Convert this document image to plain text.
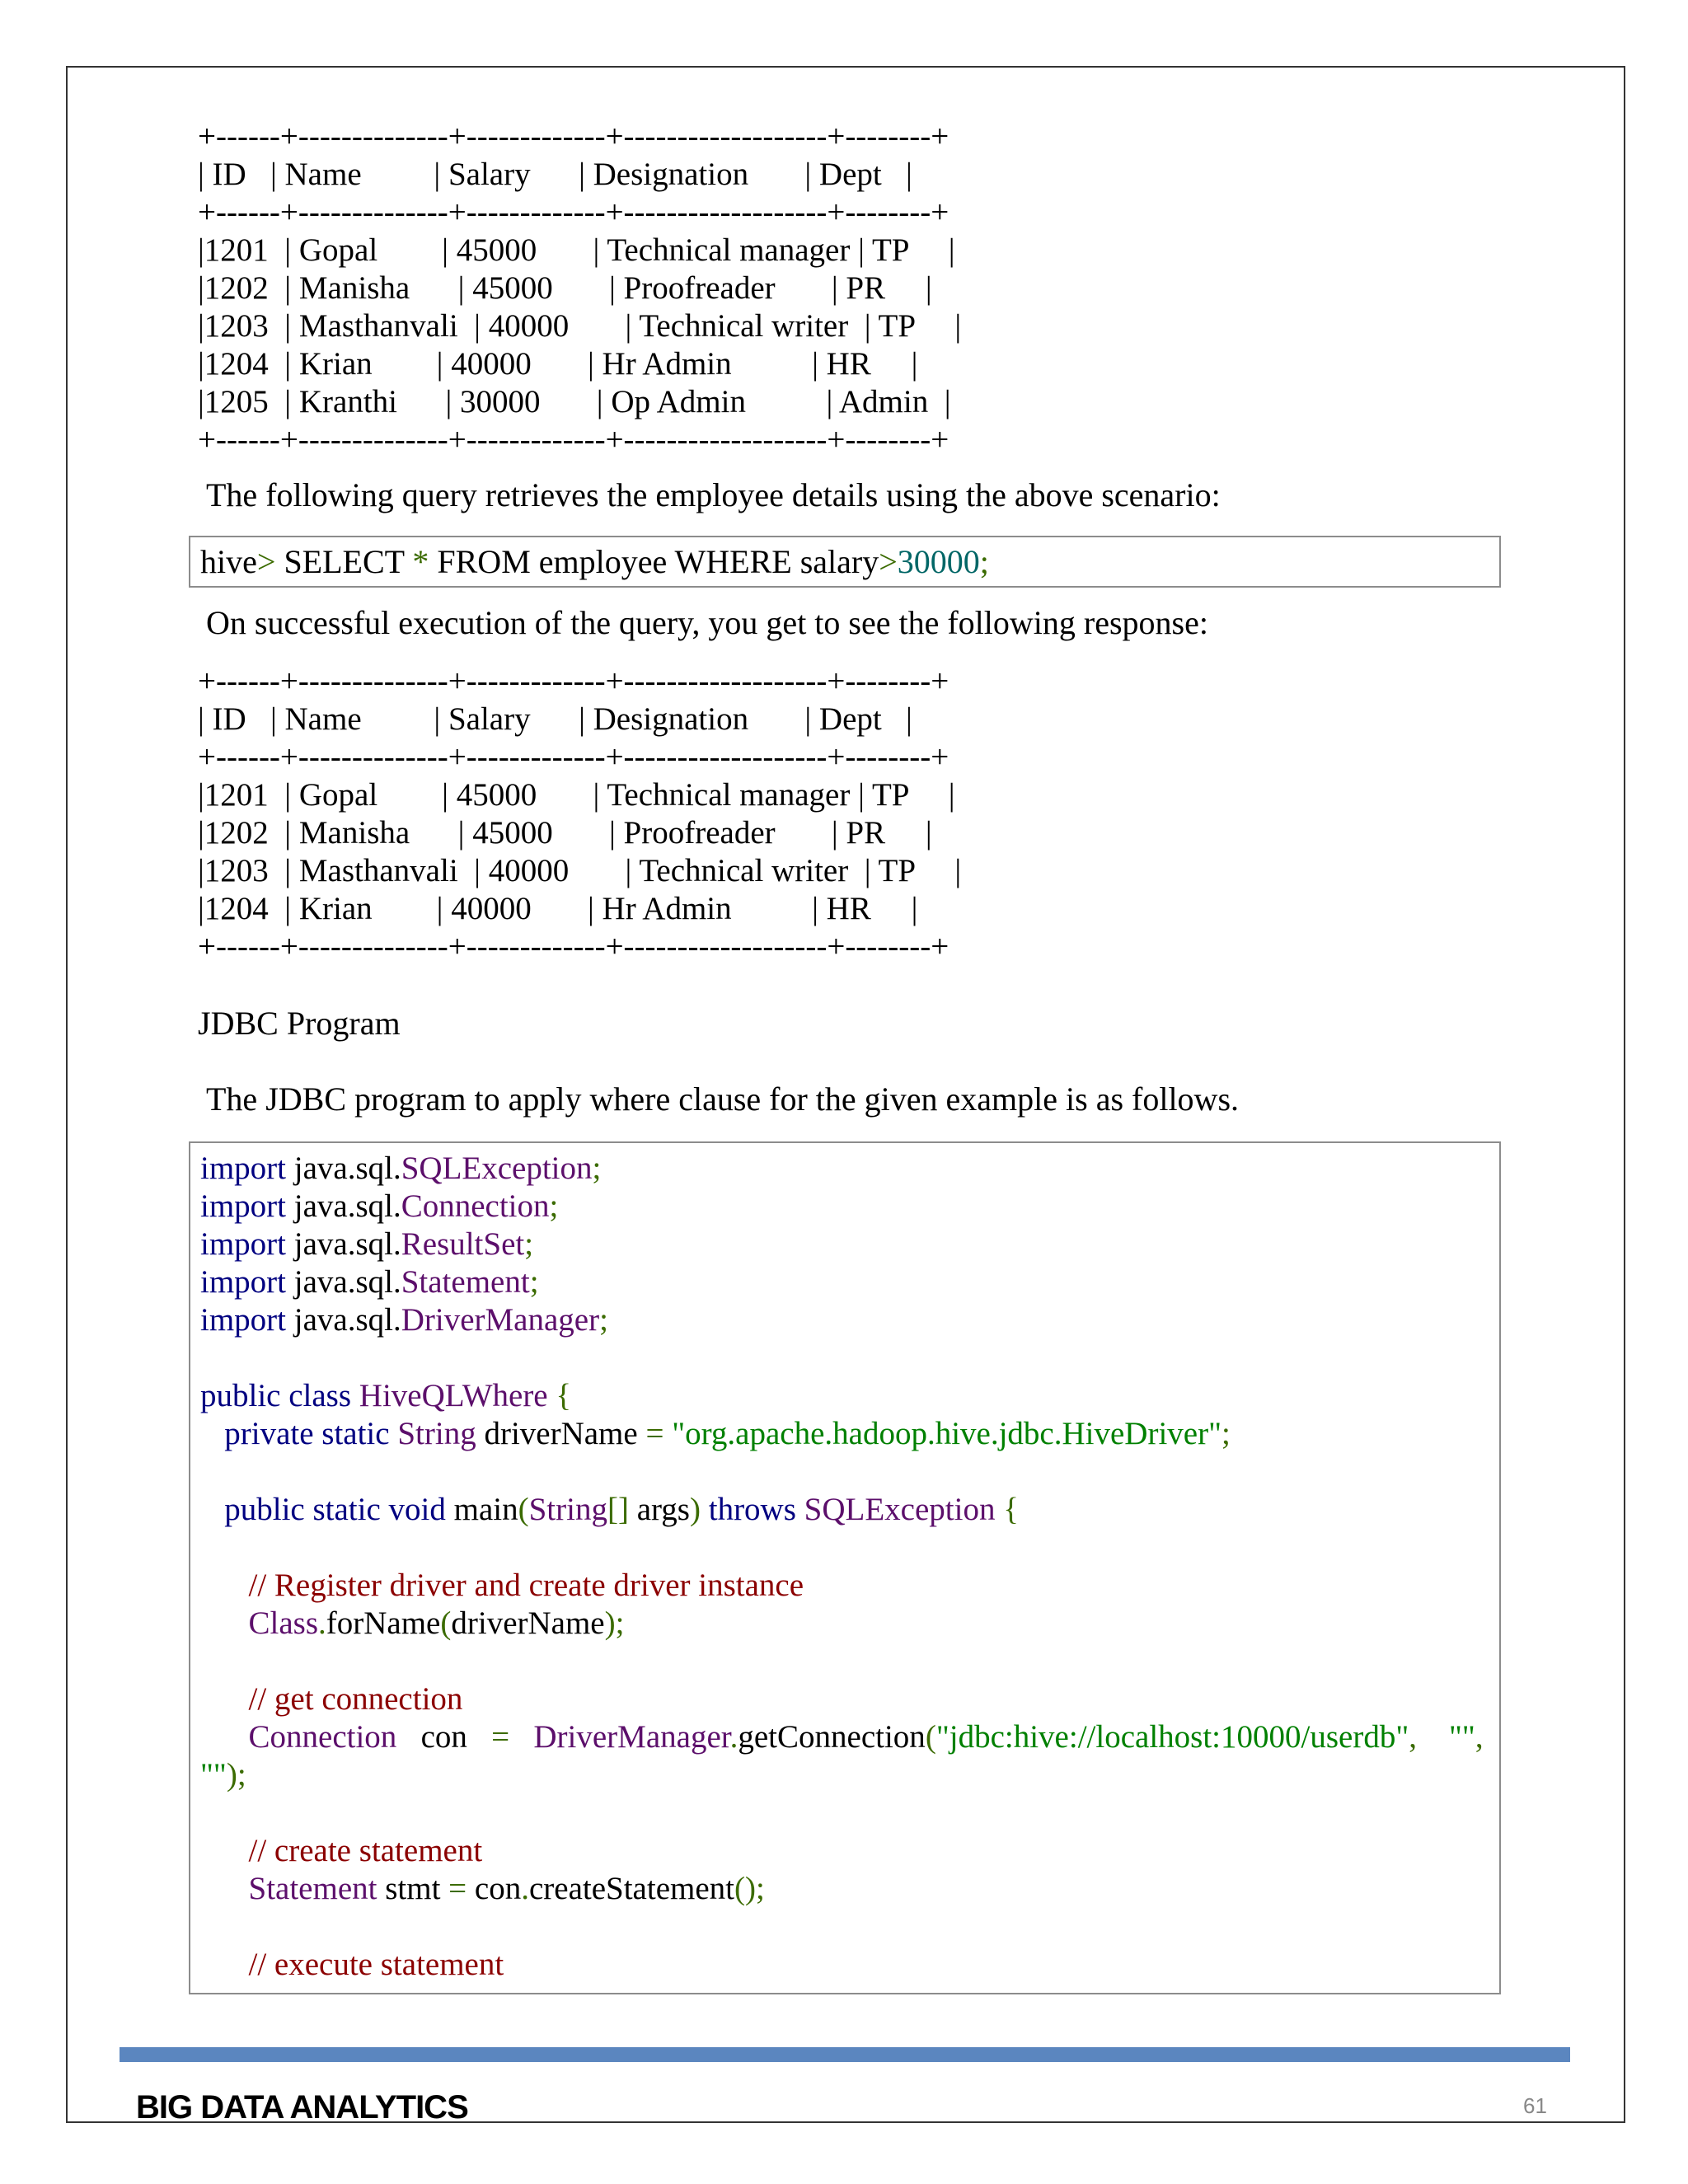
+------+--------------+-------------+-------------------+--------+
| ID   | Name         | Salary      | Designation       | Dept   |
+------+--------------+-------------+-------------------+--------+
|1201  | Gopal        | 45000       | Technical manager | TP     |
|1202  | Manisha      | 45000       | Proofreader       | PR     |
|1203  | Masthanvali  | 40000       | Technical writer  | TP     |
|1204  | Krian        | 40000       | Hr Admin          | HR     |
|1205  | Kranthi      | 30000       | Op Admin          | Admin  |
+------+--------------+-------------+-------------------+--------+

The following query retrieves the employee details using the above scenario:

hive> SELECT * FROM employee WHERE salary>30000;

On successful execution of the query, you get to see the following response:

+------+--------------+-------------+-------------------+--------+
| ID   | Name         | Salary      | Designation       | Dept   |
+------+--------------+-------------+-------------------+--------+
|1201  | Gopal        | 45000       | Technical manager | TP     |
|1202  | Manisha      | 45000       | Proofreader       | PR     |
|1203  | Masthanvali  | 40000       | Technical writer  | TP     |
|1204  | Krian        | 40000       | Hr Admin          | HR     |
+------+--------------+-------------+-------------------+--------+

JDBC Program

The JDBC program to apply where clause for the given example is as follows.

import java.sql.SQLException;
import java.sql.Connection;
import java.sql.ResultSet;
import java.sql.Statement;
import java.sql.DriverManager;
public class HiveQLWhere {
private static String driverName = "org.apache.hadoop.hive.jdbc.HiveDriver";
public static void main(String[] args) throws SQLException {
// Register driver and create driver instance
Class.forName(driverName);
// get connection
Connection   con   = DriverManager.getConnection("jdbc:hive://localhost:10000/userdb", "",
"");
// create statement
Statement stmt = con.createStatement();
// execute statement
BIG DATA ANALYTICS	61
